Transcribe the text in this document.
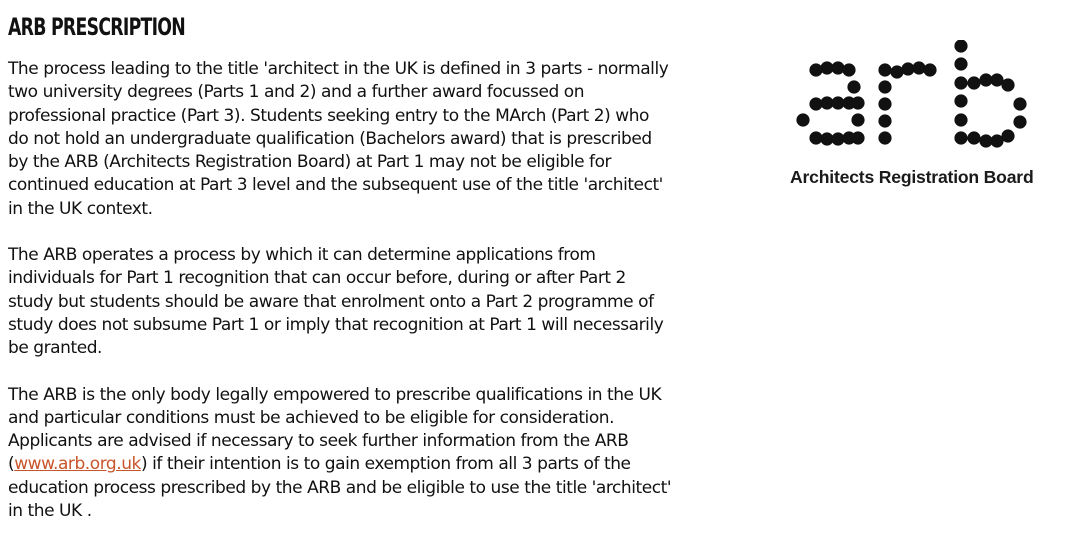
ARB PRESCRIPTION

The process leading to the title 'architect in the UK is defined in 3 parts - normally two university degrees (Parts 1 and 2) and a further award focussed on professional practice (Part 3). Students seeking entry to the MArch (Part 2) who do not hold an undergraduate qualification (Bachelors award) that is prescribed by the ARB (Architects Registration Board) at Part 1 may not be eligible for continued education at Part 3 level and the subsequent use of the title 'architect' in the UK context.

The ARB operates a process by which it can determine applications from individuals for Part 1 recognition that can occur before, during or after Part 2 study but students should be aware that enrolment onto a Part 2 programme of study does not subsume Part 1 or imply that recognition at Part 1 will necessarily be granted.

The ARB is the only body legally empowered to prescribe qualifications in the UK and particular conditions must be achieved to be eligible for consideration. Applicants are advised if necessary to seek further information from the ARB (www.arb.org.uk) if their intention is to gain exemption from all 3 parts of the education process prescribed by the ARB and be eligible to use the title 'architect' in the UK .

Architects Registration Board
